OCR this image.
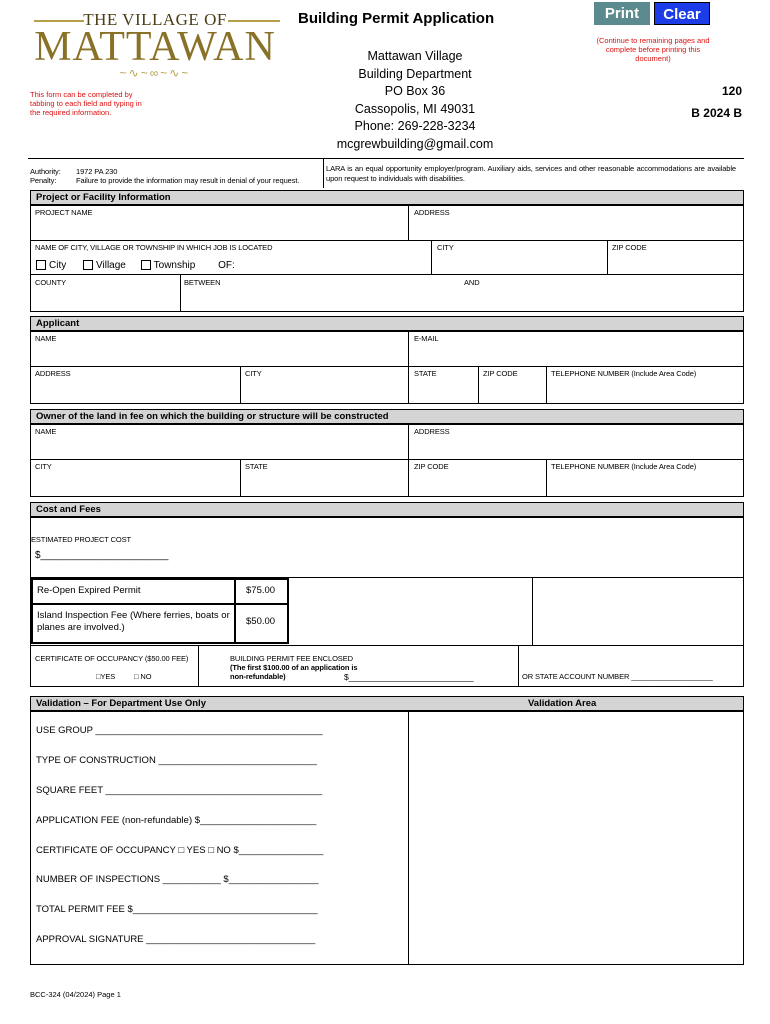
THE VILLAGE OF
MATTAWAN
~∿~∞~∿~
This form can be completed by tabbing to each field and typing in the required information.
Building Permit Application
Mattawan Village
Building Department
PO Box 36
Cassopolis, MI 49031
Phone: 269-228-3234
mcgrewbuilding@gmail.com
Print	Clear
(Continue to remaining pages and complete before printing this document)
120
B 2024 B
Authority: 1972 PA 230
Penalty:	Failure to provide the information may result in denial of your request.
LARA is an equal opportunity employer/program. Auxiliary aids, services and other reasonable accommodations are available upon request to individuals with disabilities.
Project or Facility Information
PROJECT NAME	ADDRESS
NAME OF CITY, VILLAGE OR TOWNSHIP IN WHICH JOB IS LOCATED	CITY	ZIP CODE
City	Village	Township OF:
COUNTY	BETWEEN	AND
Applicant
NAME	E-MAIL
ADDRESS	CITY	STATE	ZIP CODE	TELEPHONE NUMBER (Include Area Code)
Owner of the land in fee on which the building or structure will be constructed
NAME	ADDRESS
CITY	STATE	ZIP CODE	TELEPHONE NUMBER (Include Area Code)
Cost and Fees
ESTIMATED PROJECT COST
$_______________________
Re-Open Expired Permit	$75.00
Island Inspection Fee (Where ferries, boats or planes are involved.)
$50.00
CERTIFICATE OF OCCUPANCY ($50.00 FEE)
□YES	□ NO
BUILDING PERMIT FEE ENCLOSED
(The first $100.00 of an application is non-refundable)	$___________________________	OR STATE ACCOUNT NUMBER ____________________
Validation – For Department Use Only	Validation Area
USE GROUP ___________________________________________
TYPE OF CONSTRUCTION ______________________________
SQUARE FEET _________________________________________
APPLICATION FEE (non-refundable) $______________________
CERTIFICATE OF OCCUPANCY □ YES □ NO $________________
NUMBER OF INSPECTIONS ___________ $_________________
TOTAL PERMIT FEE $___________________________________
APPROVAL SIGNATURE ________________________________
BCC-324 (04/2024) Page 1
